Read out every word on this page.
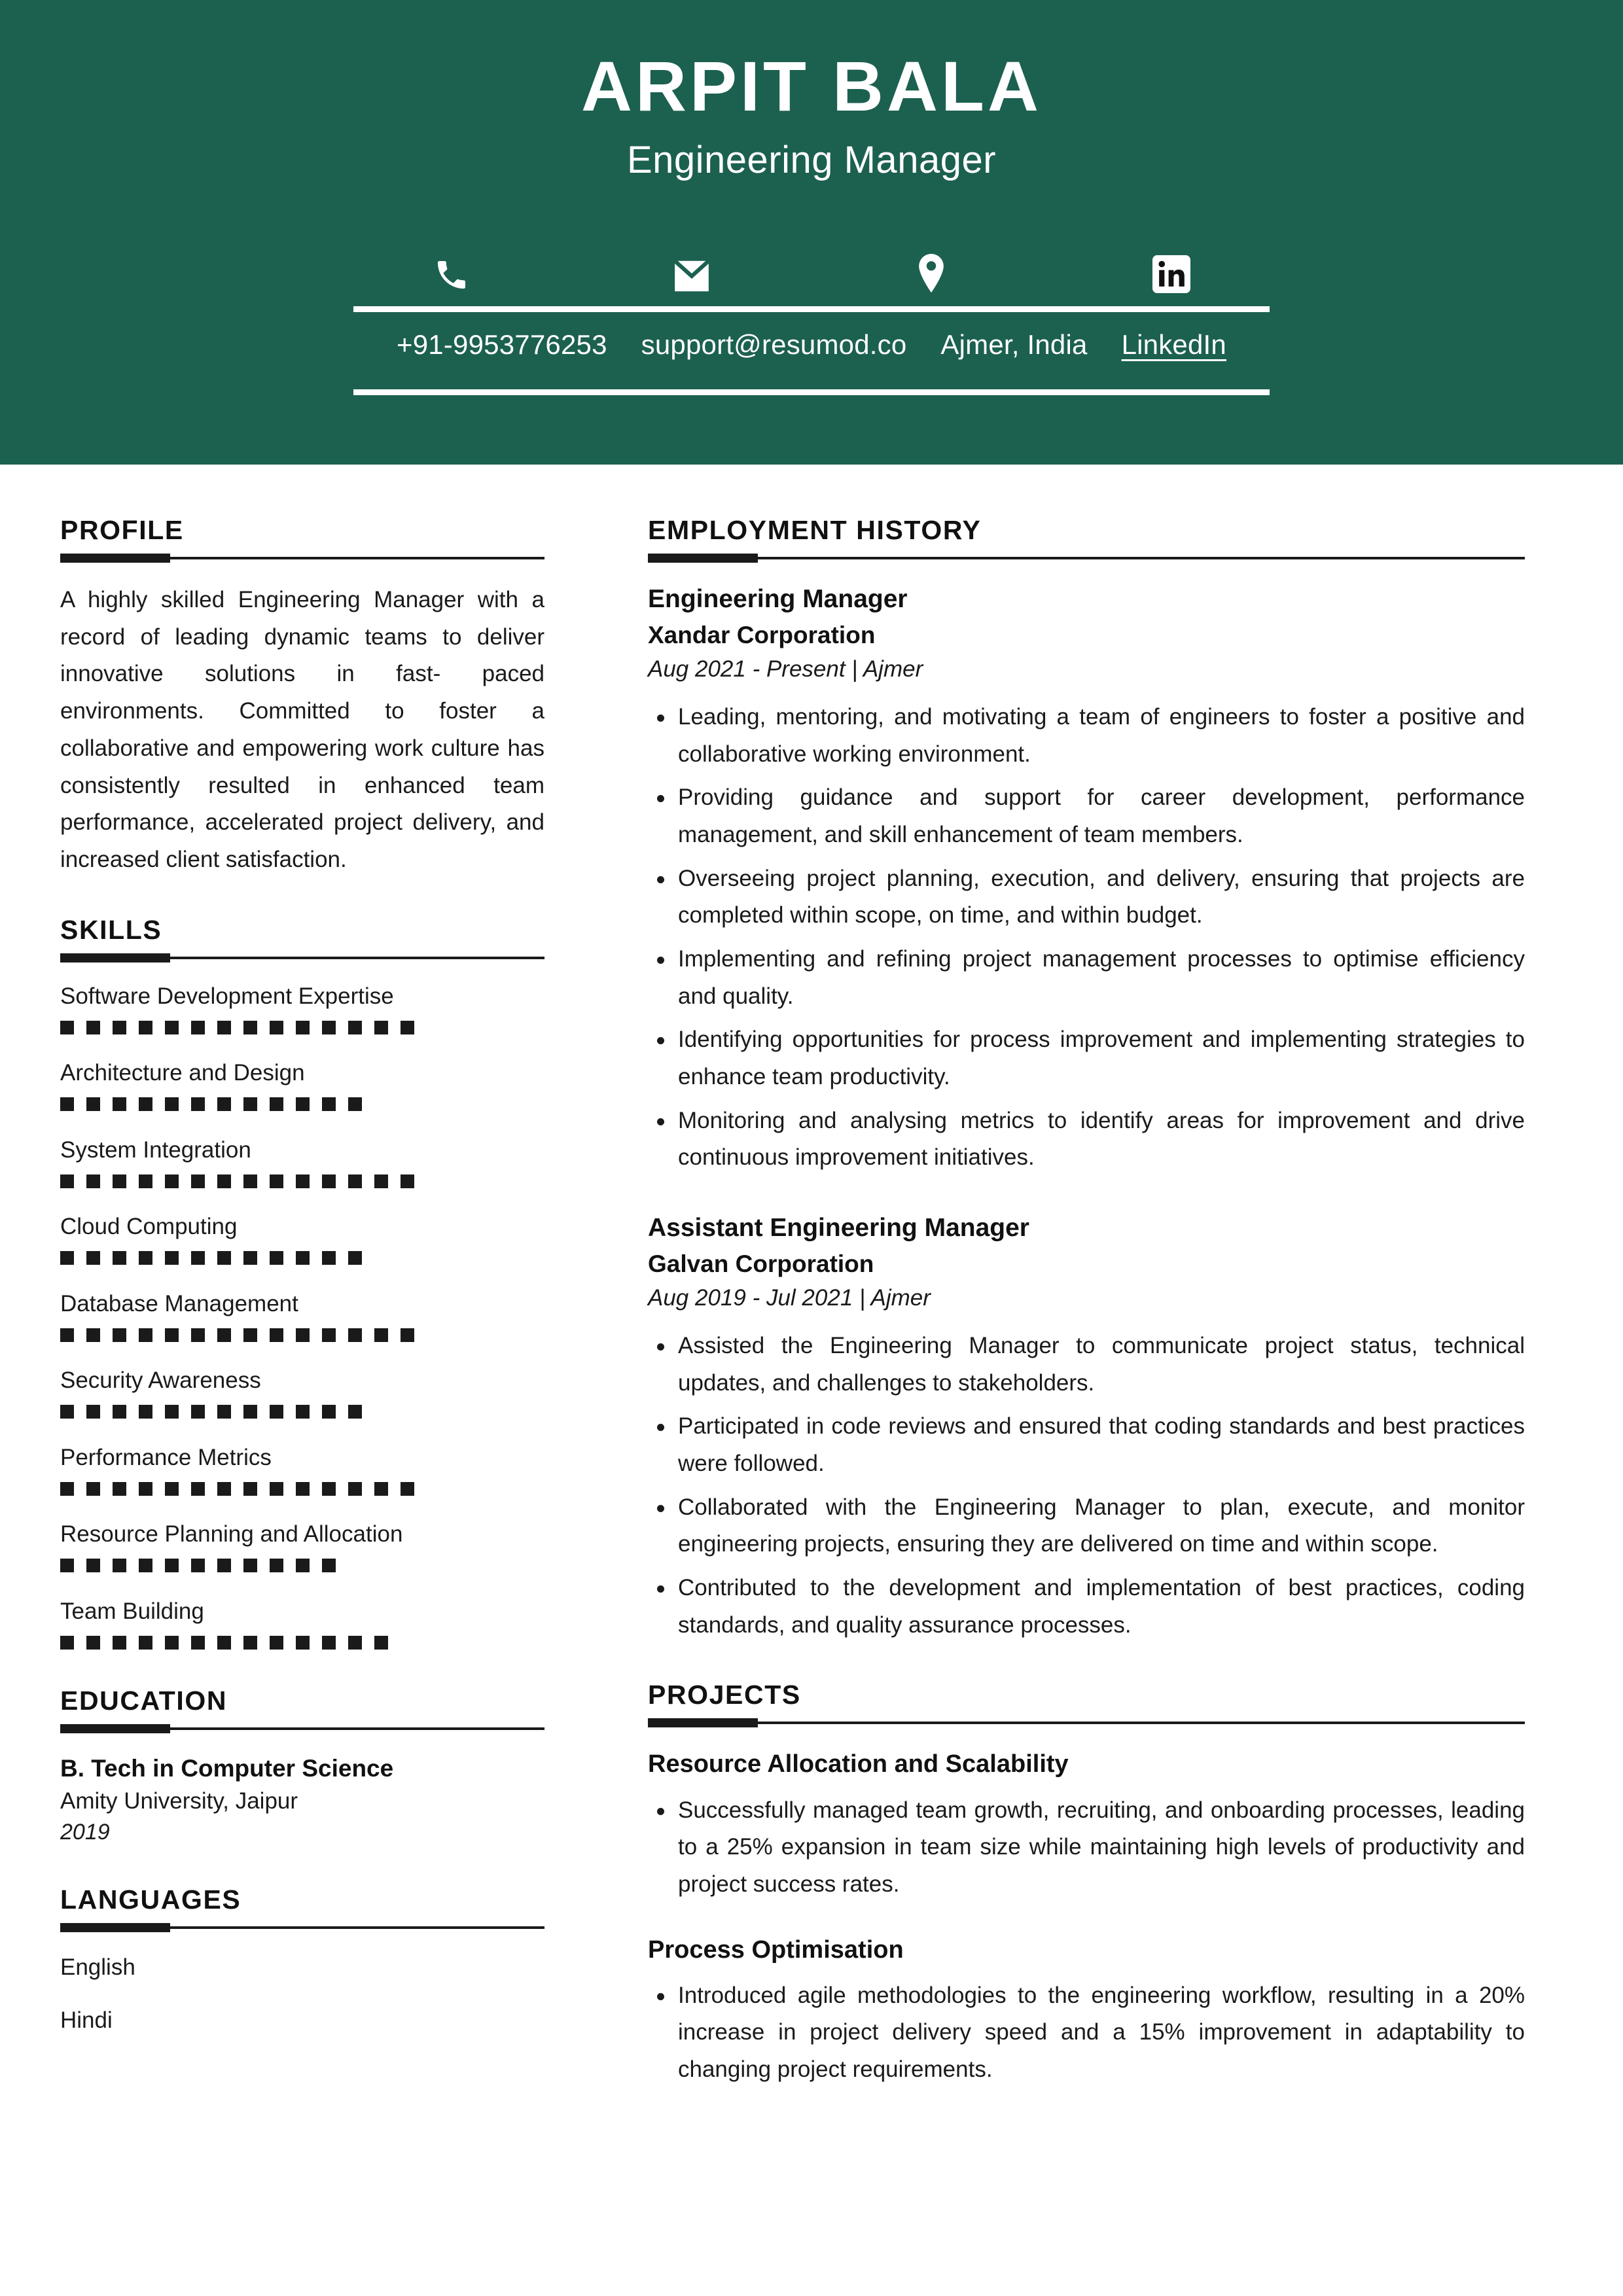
ARPIT BALA
Engineering Manager
+91-9953776253 support@resumod.co Ajmer, India LinkedIn
PROFILE

A highly skilled Engineering Manager with a record of leading dynamic teams to deliver innovative solutions in fast- paced environments. Committed to foster a collaborative and empowering work culture has consistently resulted in enhanced team performance, accelerated project delivery, and increased client satisfaction.

SKILLS
Software Development Expertise
Architecture and Design
System Integration
Cloud Computing
Database Management
Security Awareness
Performance Metrics
Resource Planning and Allocation
Team Building
EDUCATION
B. Tech in Computer Science
Amity University, Jaipur
2019
LANGUAGES
English
Hindi
EMPLOYMENT HISTORY
Engineering Manager
Xandar Corporation
Aug 2021 - Present | Ajmer
Leading, mentoring, and motivating a team of engineers to foster a positive and collaborative working environment.
Providing guidance and support for career development, performance management, and skill enhancement of team members.
Overseeing project planning, execution, and delivery, ensuring that projects are completed within scope, on time, and within budget.
Implementing and refining project management processes to optimise efficiency and quality.
Identifying opportunities for process improvement and implementing strategies to enhance team productivity.
Monitoring and analysing metrics to identify areas for improvement and drive continuous improvement initiatives.
Assistant Engineering Manager
Galvan Corporation
Aug 2019 - Jul 2021 | Ajmer
Assisted the Engineering Manager to communicate project status, technical updates, and challenges to stakeholders.
Participated in code reviews and ensured that coding standards and best practices were followed.
Collaborated with the Engineering Manager to plan, execute, and monitor engineering projects, ensuring they are delivered on time and within scope.
Contributed to the development and implementation of best practices, coding standards, and quality assurance processes.
PROJECTS
Resource Allocation and Scalability
Successfully managed team growth, recruiting, and onboarding processes, leading to a 25% expansion in team size while maintaining high levels of productivity and project success rates.
Process Optimisation
Introduced agile methodologies to the engineering workflow, resulting in a 20% increase in project delivery speed and a 15% improvement in adaptability to changing project requirements.
